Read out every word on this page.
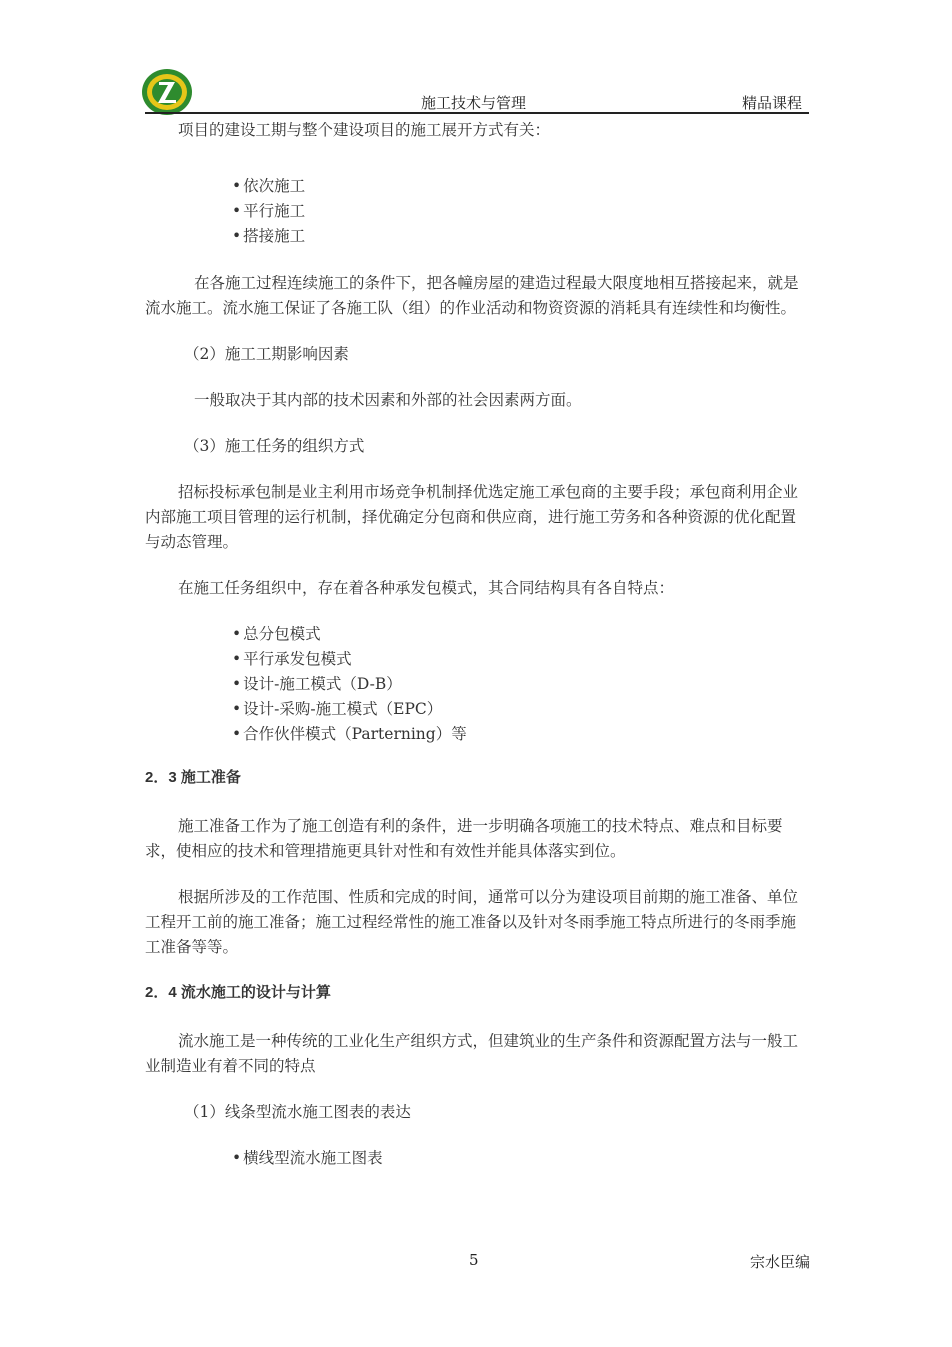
施工技术与管理	精品课程

项目的建设工期与整个建设项目的施工展开方式有关：

• 依次施工
• 平行施工
• 搭接施工

在各施工过程连续施工的条件下，把各幢房屋的建造过程最大限度地相互搭接起来，就是流水施工。流水施工保证了各施工队（组）的作业活动和物资资源的消耗具有连续性和均衡性。

（2）施工工期影响因素

一般取决于其内部的技术因素和外部的社会因素两方面。

（3）施工任务的组织方式

招标投标承包制是业主利用市场竞争机制择优选定施工承包商的主要手段；承包商利用企业内部施工项目管理的运行机制，择优确定分包商和供应商，进行施工劳务和各种资源的优化配置与动态管理。

在施工任务组织中，存在着各种承发包模式，其合同结构具有各自特点：

• 总分包模式
• 平行承发包模式
• 设计-施工模式（D-B）
• 设计-采购-施工模式（EPC）
• 合作伙伴模式（Parterning）等

2．3 施工准备

施工准备工作为了施工创造有利的条件，进一步明确各项施工的技术特点、难点和目标要求，使相应的技术和管理措施更具针对性和有效性并能具体落实到位。

根据所涉及的工作范围、性质和完成的时间，通常可以分为建设项目前期的施工准备、单位工程开工前的施工准备；施工过程经常性的施工准备以及针对冬雨季施工特点所进行的冬雨季施工准备等等。

2．4 流水施工的设计与计算

流水施工是一种传统的工业化生产组织方式，但建筑业的生产条件和资源配置方法与一般工业制造业有着不同的特点

（1）线条型流水施工图表的表达

• 横线型流水施工图表
5	宗水臣编
